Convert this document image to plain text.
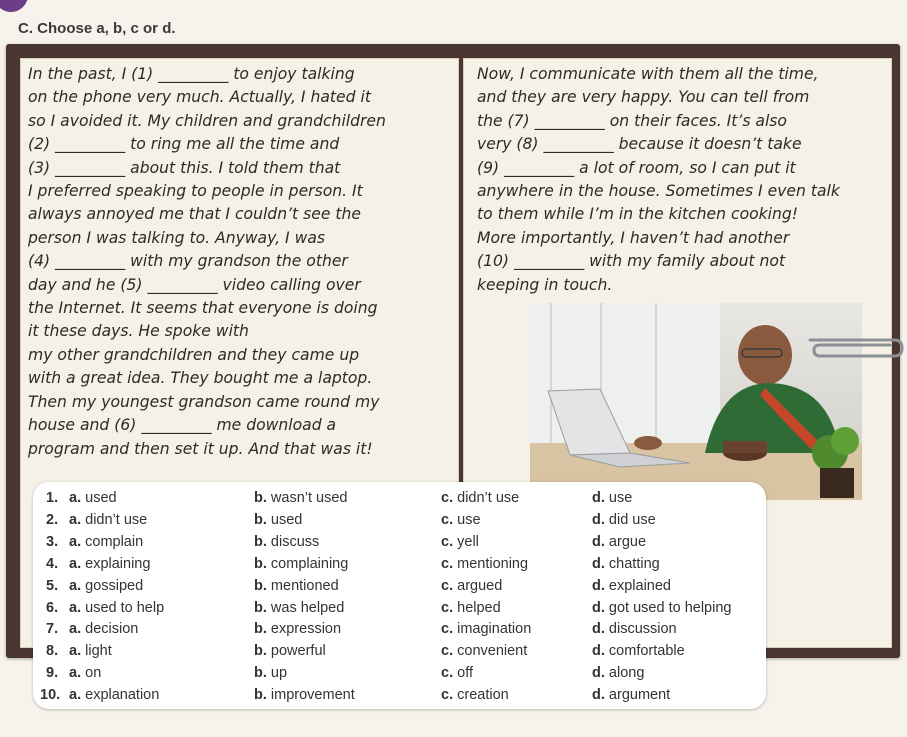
C. Choose a, b, c or d.
In the past, I (1) _________ to enjoy talking
on the phone very much. Actually, I hated it
so I avoided it. My children and grandchildren
(2) _________ to ring me all the time and
(3) _________ about this. I told them that
I preferred speaking to people in person. It
always annoyed me that I couldn’t see the
person I was talking to. Anyway, I was
(4) _________ with my grandson the other
day and he (5) _________ video calling over
the Internet. It seems that everyone is doing
it these days. He spoke with
my other grandchildren and they came up
with a great idea. They bought me a laptop.
Then my youngest grandson came round my
house and (6) _________ me download a
program and then set it up. And that was it!
Now, I communicate with them all the time,
and they are very happy. You can tell from
the (7) _________ on their faces. It’s also
very (8) _________ because it doesn’t take
(9) _________ a lot of room, so I can put it
anywhere in the house. Sometimes I even talk
to them while I’m in the kitchen cooking!
More importantly, I haven’t had another
(10) _________ with my family about not
keeping in touch.
1. a. used	b. wasn’t used	c. didn’t use	d. use
2. a. didn’t use	b. used	c. use	d. did use
3. a. complain	b. discuss	c. yell	d. argue
4. a. explaining	b. complaining	c. mentioning	d. chatting
5. a. gossiped	b. mentioned	c. argued	d. explained
6. a. used to help	b. was helped	c. helped	d. got used to helping
7. a. decision	b. expression	c. imagination	d. discussion
8. a. light	b. powerful	c. convenient	d. comfortable
9. a. on	b. up	c. off	d. along
10. a. explanation	b. improvement	c. creation	d. argument
